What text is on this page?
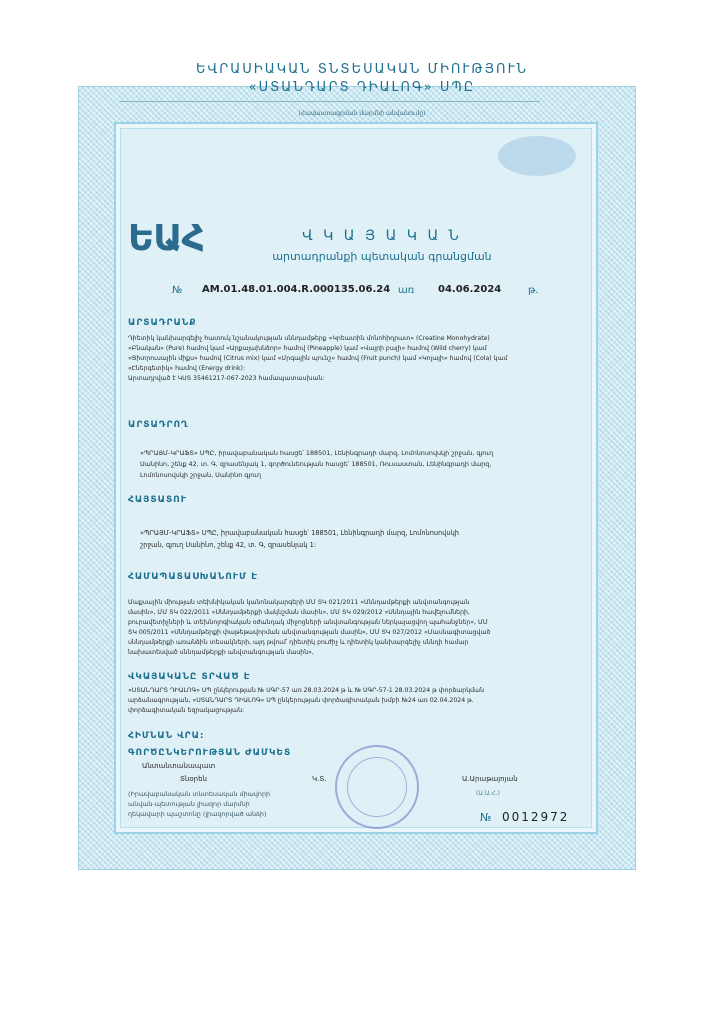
ԵՎՐԱՍԻԱԿԱՆ ՏՆՏԵՍԱԿԱՆ ՄԻՈՒԹՅՈՒՆ
«ՍՏԱՆԴԱՐՏ ԴԻԱԼՈԳ» ՍՊԸ
(Հավաստագրման մարմնի անվանումը)
ԵԱՀ	Վ Կ Ա Յ Ա Կ Ա Ն
արտադրանքի պետական գրանցման
№ AM.01.48.01.004.R.000135.06.24 առ 04.06.2024	թ.
ԱՐՏԱԴՐԱՆՔ
Դիետիկ կանխարգելիչ հատուկ նշանակության սննդամթերք «Կրեատին մոնոհիդրատ» (Creatine Monohydrate)
«Բնական» (Pure) համով կամ «Արքայախնձոր» համով (Pineapple) կամ «Վայրի բալի» համով (Wild cherry) կամ
«Ցիտրուսային միքս» համով (Citrus mix) կամ «Մրգային պունշ» համով (Fruit punch) կամ «Կոլայի» համով (Cola) կամ
«Էներգետիկ» համով (Energy drink):
Արտադրված է ԿՍՏ 35461217-067-2023 համապատասխան:
ԱՐՏԱԴՐՈՂ
«ՊՐԱՅՄ-ԿՐԱՖՏ» ՍՊԸ, իրավաբանական հասցե՝ 188501, Լենինգրադի մարզ, Լոմոնոսովսկի շրջան, գյուղ
Սանինո, շենք 42, տ. Գ, զրասենյակ 1, գործունեության հասցե՝ 188501, Ռուսաստան, Լենինգրադի մարզ,
Լոմոնոսովսկի շրջան, Սանինո գյուղ
ՀԱՅՏԱՏՈՒ
«ՊՐԱՅՄ-ԿՐԱՖՏ» ՍՊԸ, իրավաբանական հասցե՝ 188501, Լենինգրադի մարզ, Լոմոնոսովսկի
շրջան, գյուղ Սանինո, շենք 42, տ. Գ, զրասենյակ 1:
ՀԱՄԱՊԱՏԱՍԽԱՆՈՒՄ Է
Մաքսային միության տեխնիկական կանոնակարգերի ՄՄ ՏԿ 021/2011 «Սննդամթերքի անվտանգության
մասին», ՄՄ ՏԿ 022/2011 «Սննդամթերքի մակնշման մասին», ՄՄ ՏԿ 029/2012 «Սննդային հավելումների,
բուրավետիչների և տեխնոլոգիական օժանդակ միջոցների անվտանգության ներկայացվող պահանջներ», ՄՄ
ՏԿ 005/2011 «Սննդամթերքի փաթեթավորման անվտանգության մասին», ՄՄ ՏԿ 027/2012 «Մասնագիտացված
սննդամթերքի առանձին տեսակների, այդ թվում՝ դիետիկ բուժիչ և դիետիկ կանխարգելիչ սննդի համար
նախատեսված սննդամթերքի անվտանգության մասին»,
ՎԿԱՅԱԿԱՆԸ ՏՐՎԱԾ Է
«ՍՏԱՆԴԱՐՏ ԴԻԱԼՈԳ» ՍՊ ընկերության № ՍԳՐ-57 առ 28.03.2024 թ և № ՍԳՐ-57-1 28.03.2024 թ փորձարկման
արձանագրության, «ՍՏԱՆԴԱՐՏ ԴԻԱԼՈԳ» ՍՊ ընկերության փորձագիտական խմբի №24 առ 02.04.2024 թ.
փորձագիտական եզրակացության:
ՀԻՄՆԱՆ ՎՐԱ:
ԳՈՐԾԸՆԿԵՐՈՒԹՅԱՆ ԺԱՄԿԵՏ
Անտանտանապատ
Տնօրեն	Կ.Տ.	Ա.Արաթայոյան
(Ա.Ա.Հ.)
(Իրավաբանական տնտեսական միավորի
անվան-պետության լիազոր մարմնի
ղեկավարի պաշտոնը (լիազորված անձի)	№ 0012972
